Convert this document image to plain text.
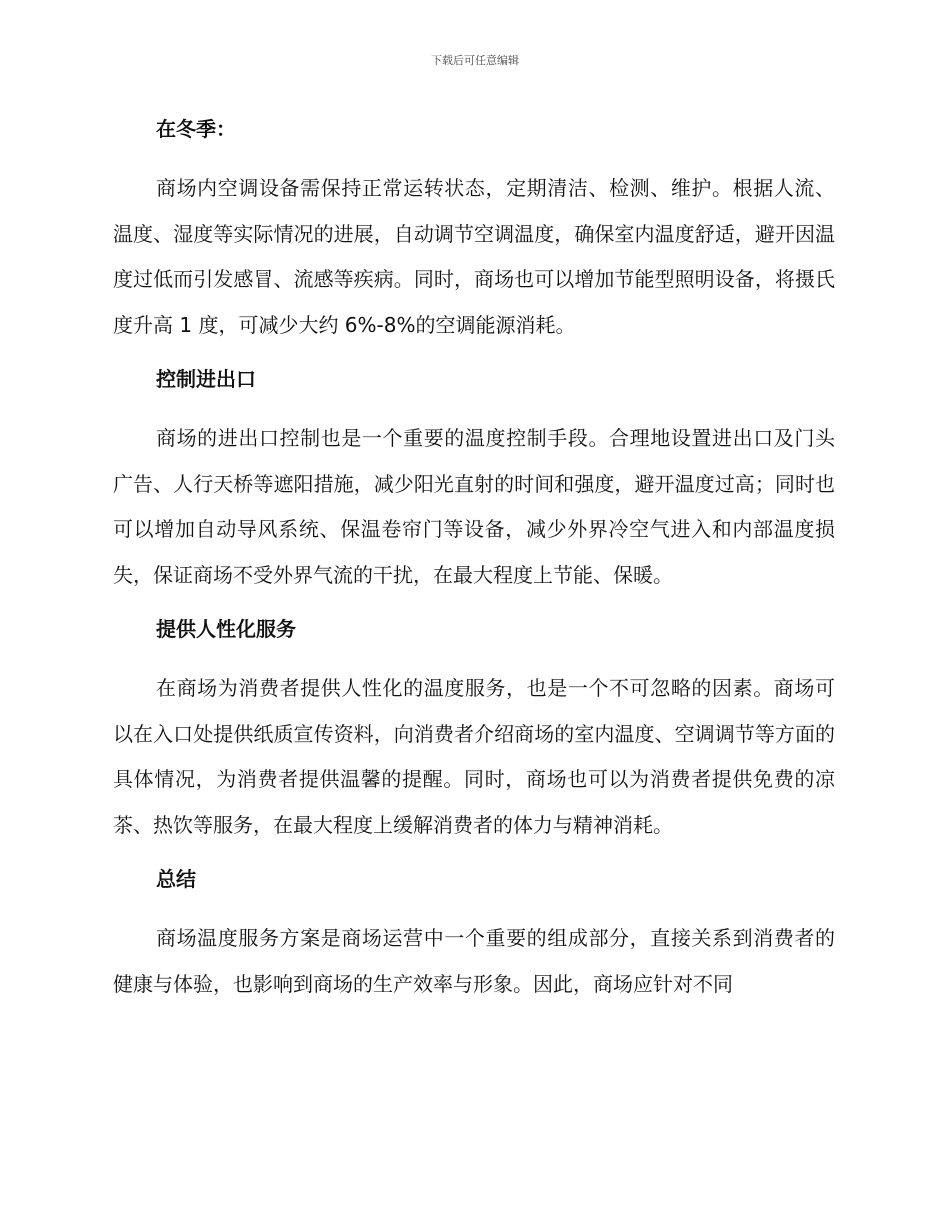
下载后可任意编辑
在冬季：

商场内空调设备需保持正常运转状态，定期清洁、检测、维护。根据人流、温度、湿度等实际情况的进展，自动调节空调温度，确保室内温度舒适，避开因温度过低而引发感冒、流感等疾病。同时，商场也可以增加节能型照明设备，将摄氏度升高 1 度，可减少大约 6%-8%的空调能源消耗。

控制进出口

商场的进出口控制也是一个重要的温度控制手段。合理地设置进出口及门头广告、人行天桥等遮阳措施，减少阳光直射的时间和强度，避开温度过高；同时也可以增加自动导风系统、保温卷帘门等设备，减少外界冷空气进入和内部温度损失，保证商场不受外界气流的干扰，在最大程度上节能、保暖。

提供人性化服务

在商场为消费者提供人性化的温度服务，也是一个不可忽略的因素。商场可以在入口处提供纸质宣传资料，向消费者介绍商场的室内温度、空调调节等方面的具体情况，为消费者提供温馨的提醒。同时，商场也可以为消费者提供免费的凉茶、热饮等服务，在最大程度上缓解消费者的体力与精神消耗。

总结

商场温度服务方案是商场运营中一个重要的组成部分，直接关系到消费者的健康与体验，也影响到商场的生产效率与形象。因此，商场应针对不同
